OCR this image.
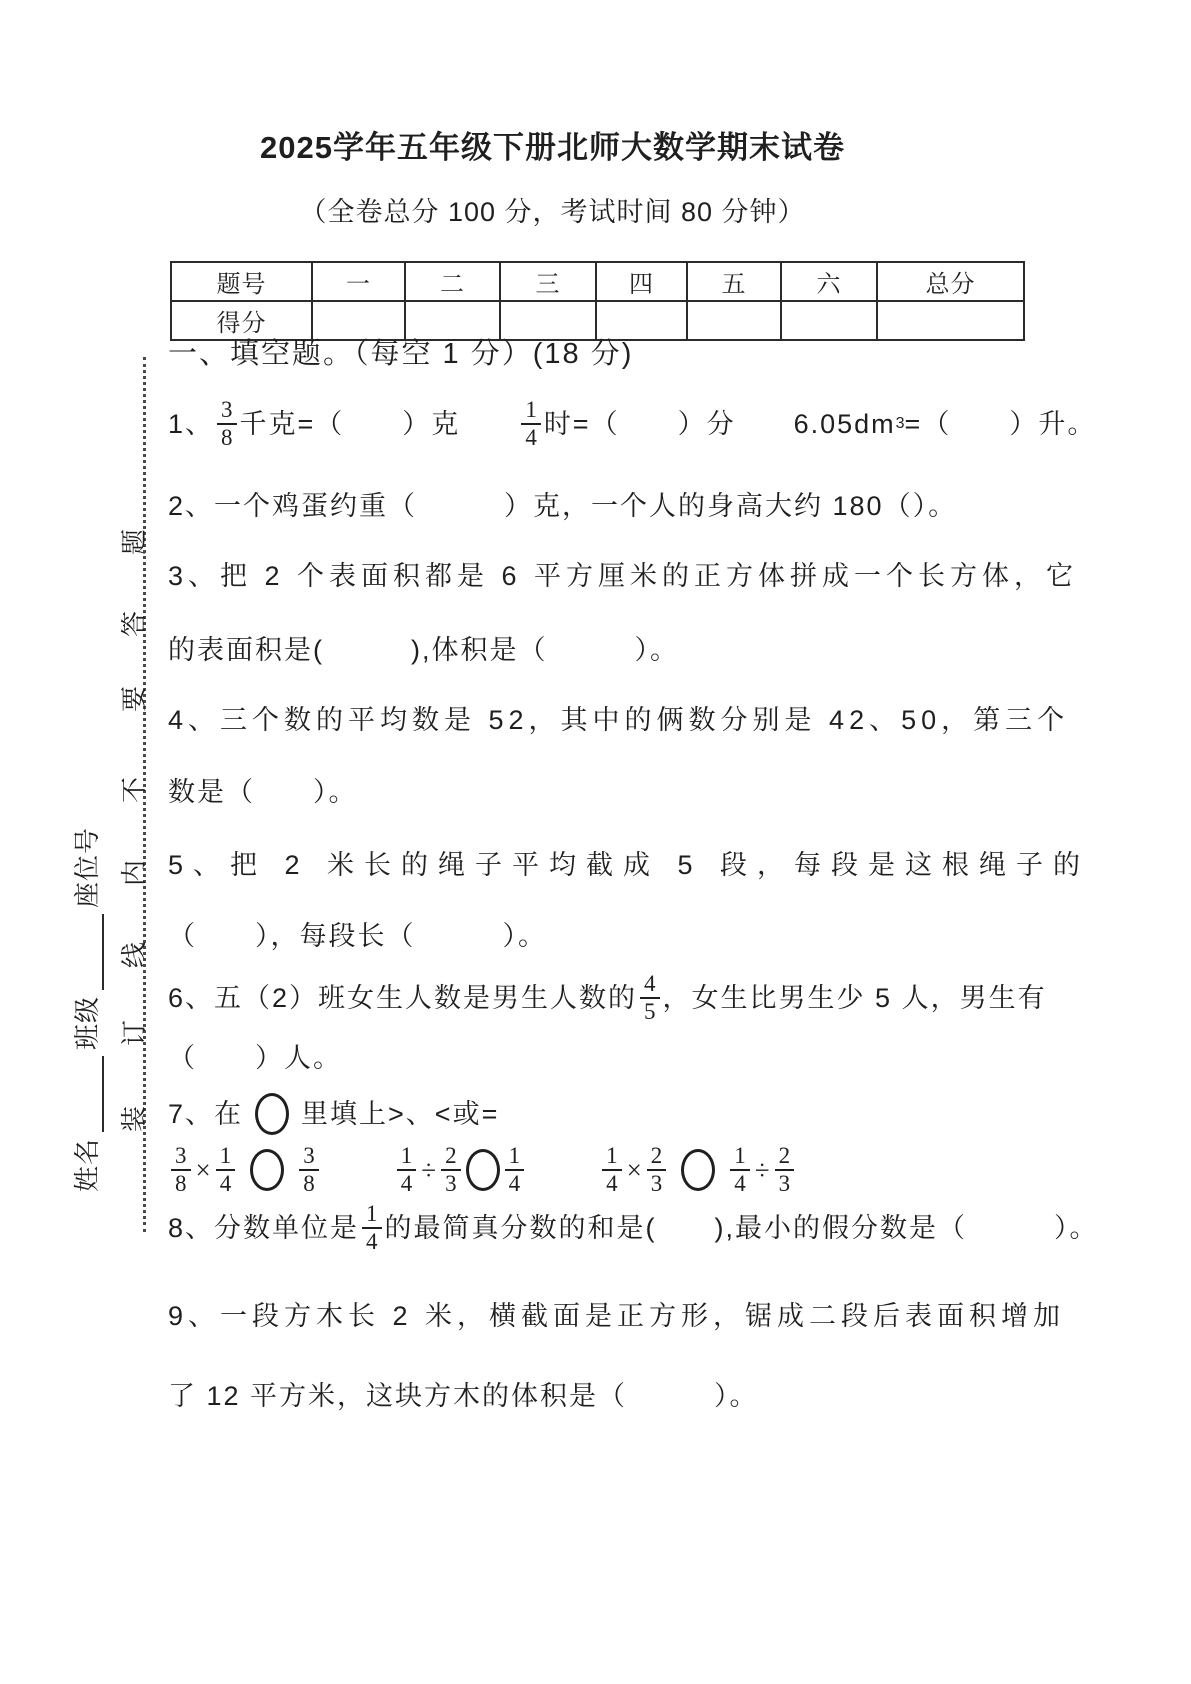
2025学年五年级下册北师大数学期末试卷
（全卷总分 100 分，考试时间 80 分钟）
题号	一	二	三	四	五	六	总分
得分							
一、填空题。（每空 1 分）(18 分)
1、 $\frac{3}{8}$ 千克=（　　）克　　 $\frac{1}{4}$ 时=（　　）分　　6.05dm 3 =（　　）升。
2、一个鸡蛋约重（　　　）克，一个人的身高大约 180（）。
3、把 2 个表面积都是 6 平方厘米的正方体拼成一个长方体，它
的表面积是(　　　),体积是（　　　）。
4、三个数的平均数是 52，其中的俩数分别是 42、50，第三个
数是（　　）。
5、把 2 米长的绳子平均截成 5 段，每段是这根绳子的
（　　），每段长（　　　）。
6、五（2）班女生人数是男生人数的 $\frac{4}{5}$ ，女生比男生少 5 人，男生有
（　　）人。
7、在 里填上>、<或=
$\frac{3}{8} \times \frac{1}{4}$	$\frac{3}{8}$	$\frac{1}{4} \div \frac{2}{3} \frac{1}{4}$	$\frac{1}{4} \times \frac{2}{3}$	$\frac{1}{4} \div \frac{2}{3}$
8、分数单位是 $\frac{1}{4}$ 的最简真分数的和是(　　),最小的假分数是（　　　）。
9、一段方木长 2 米，横截面是正方形，锯成二段后表面积增加
了 12 平方米，这块方木的体积是（　　　）。
装
订
线
内
不
要
答
题
姓名
班级
座位号
